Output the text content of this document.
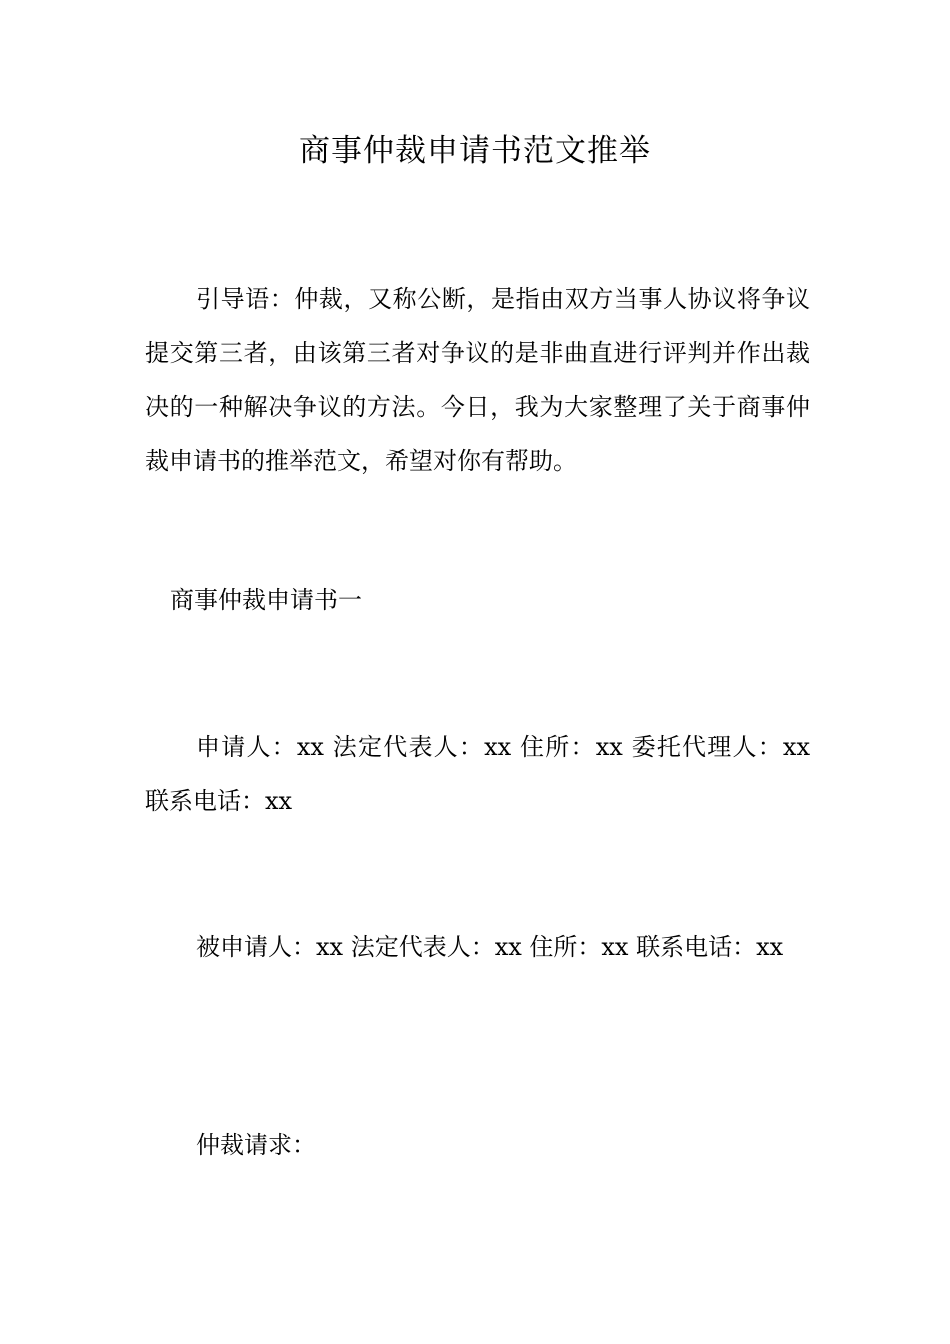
商事仲裁申请书范文推举

引导语：仲裁，又称公断，是指由双方当事人协议将争议提交第三者，由该第三者对争议的是非曲直进行评判并作出裁决的一种解决争议的方法。今日，我为大家整理了关于商事仲裁申请书的推举范文，希望对你有帮助。

商事仲裁申请书一

申请人：xx 法定代表人：xx 住所：xx 委托代理人：xx 联系电话：xx

被申请人：xx 法定代表人：xx 住所：xx 联系电话：xx

仲裁请求：
